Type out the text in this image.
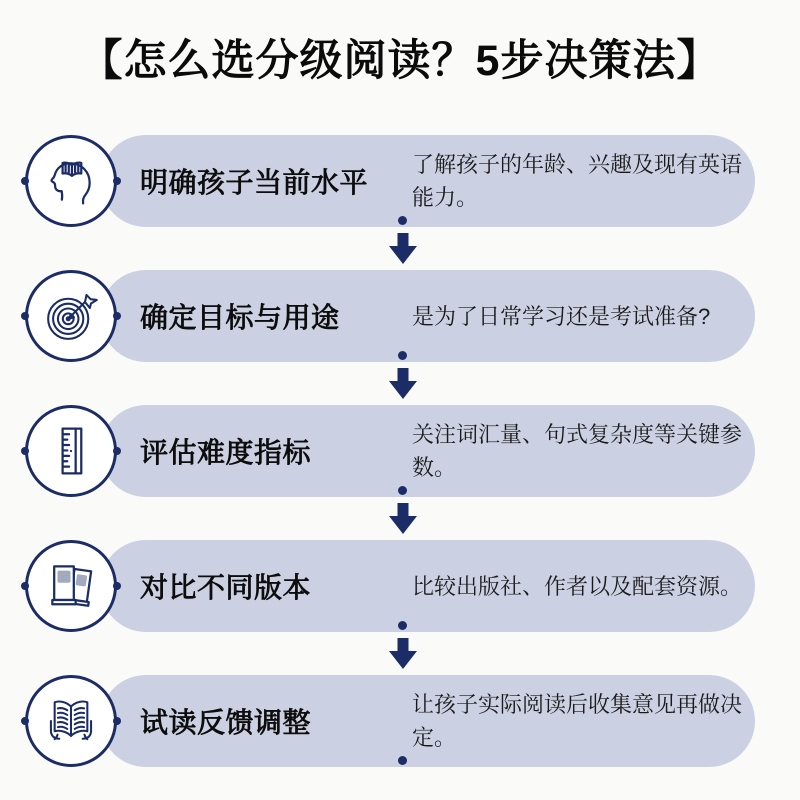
【怎么选分级阅读？5步决策法】
明确孩子当前水平
了解孩子的年龄、兴趣及现有英语能力。
确定目标与用途	是为了日常学习还是考试准备?
评估难度指标
关注词汇量、句式复杂度等关键参数。
对比不同版本	比较出版社、作者以及配套资源。
试读反馈调整
让孩子实际阅读后收集意见再做决定。
